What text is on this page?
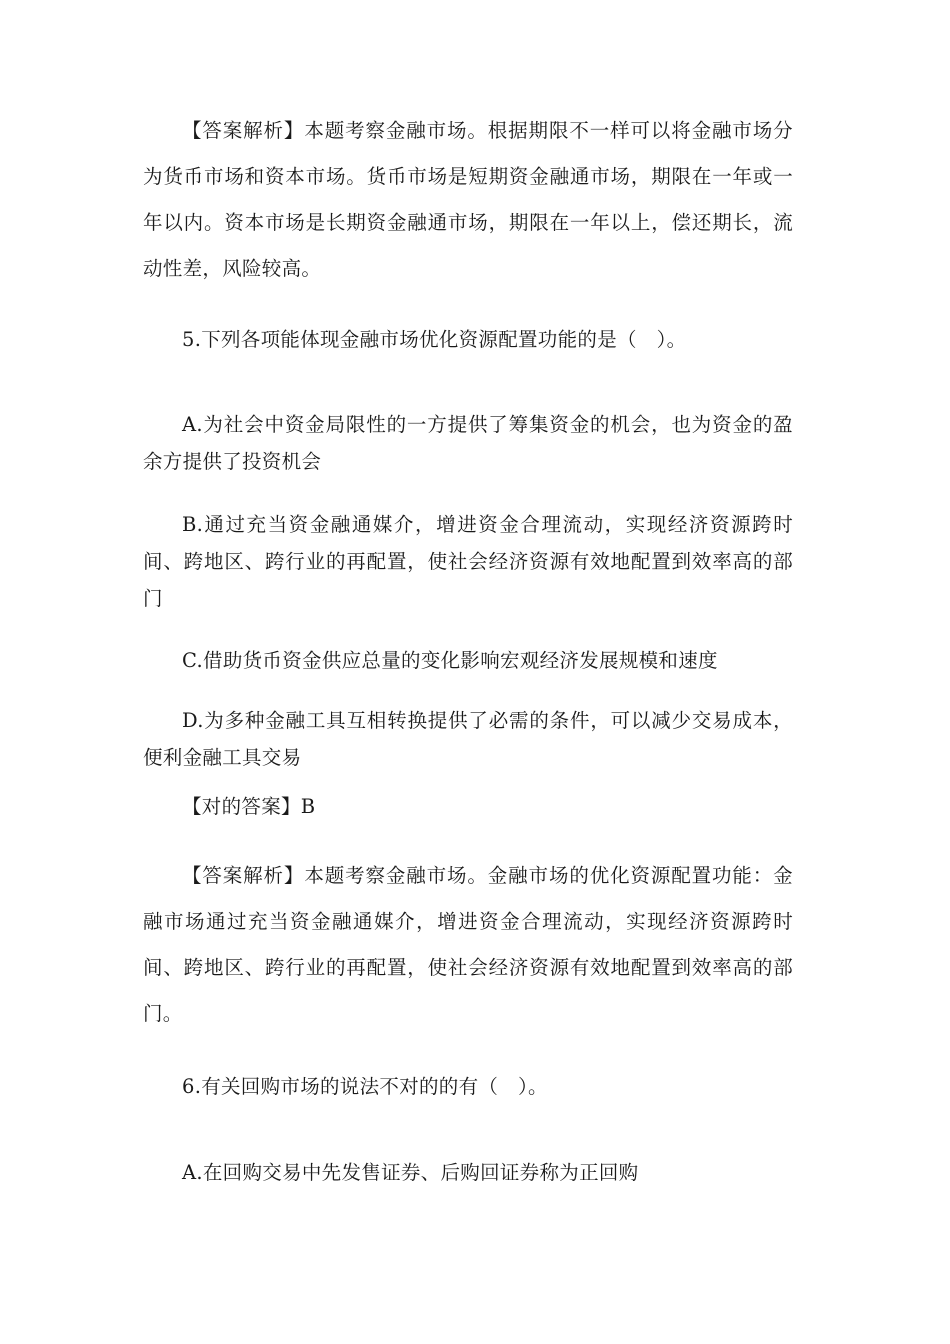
【答案解析】本题考察金融市场。根据期限不一样可以将金融市场分为货币市场和资本市场。货币市场是短期资金融通市场，期限在一年或一年以内。资本市场是长期资金融通市场，期限在一年以上，偿还期长，流动性差，风险较高。

5.下列各项能体现金融市场优化资源配置功能的是（　）。

A.为社会中资金局限性的一方提供了筹集资金的机会，也为资金的盈余方提供了投资机会

B.通过充当资金融通媒介，增进资金合理流动，实现经济资源跨时间、跨地区、跨行业的再配置，使社会经济资源有效地配置到效率高的部门

C.借助货币资金供应总量的变化影响宏观经济发展规模和速度

D.为多种金融工具互相转换提供了必需的条件，可以减少交易成本，便利金融工具交易

【对的答案】B

【答案解析】本题考察金融市场。金融市场的优化资源配置功能：金融市场通过充当资金融通媒介，增进资金合理流动，实现经济资源跨时间、跨地区、跨行业的再配置，使社会经济资源有效地配置到效率高的部门。

6.有关回购市场的说法不对的的有（　）。

A.在回购交易中先发售证券、后购回证券称为正回购
